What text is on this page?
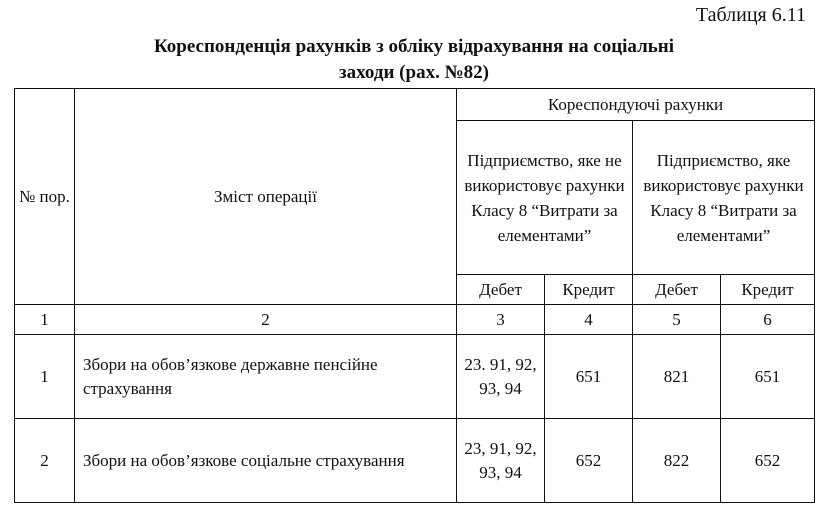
Таблиця 6.11
Кореспонденція рахунків з обліку відрахування на соціальні
заходи (рах. №82)
№ пор.	Зміст операції	Кореспондуючі рахунки			
		Підприємство, яке не використовує рахунки Класу 8 “Витрати за елементами”		Підприємство, яке використовує рахунки Класу 8 “Витрати за елементами”	
		Дебет	Кредит	Дебет	Кредит
1	2	3	4	5	6
1	Збори на обов’язкове державне пенсійне страхування	23. 91, 92, 93, 94	651	821	651
2	Збори на обов’язкове соціальне страхування	23, 91, 92, 93, 94	652	822	652
